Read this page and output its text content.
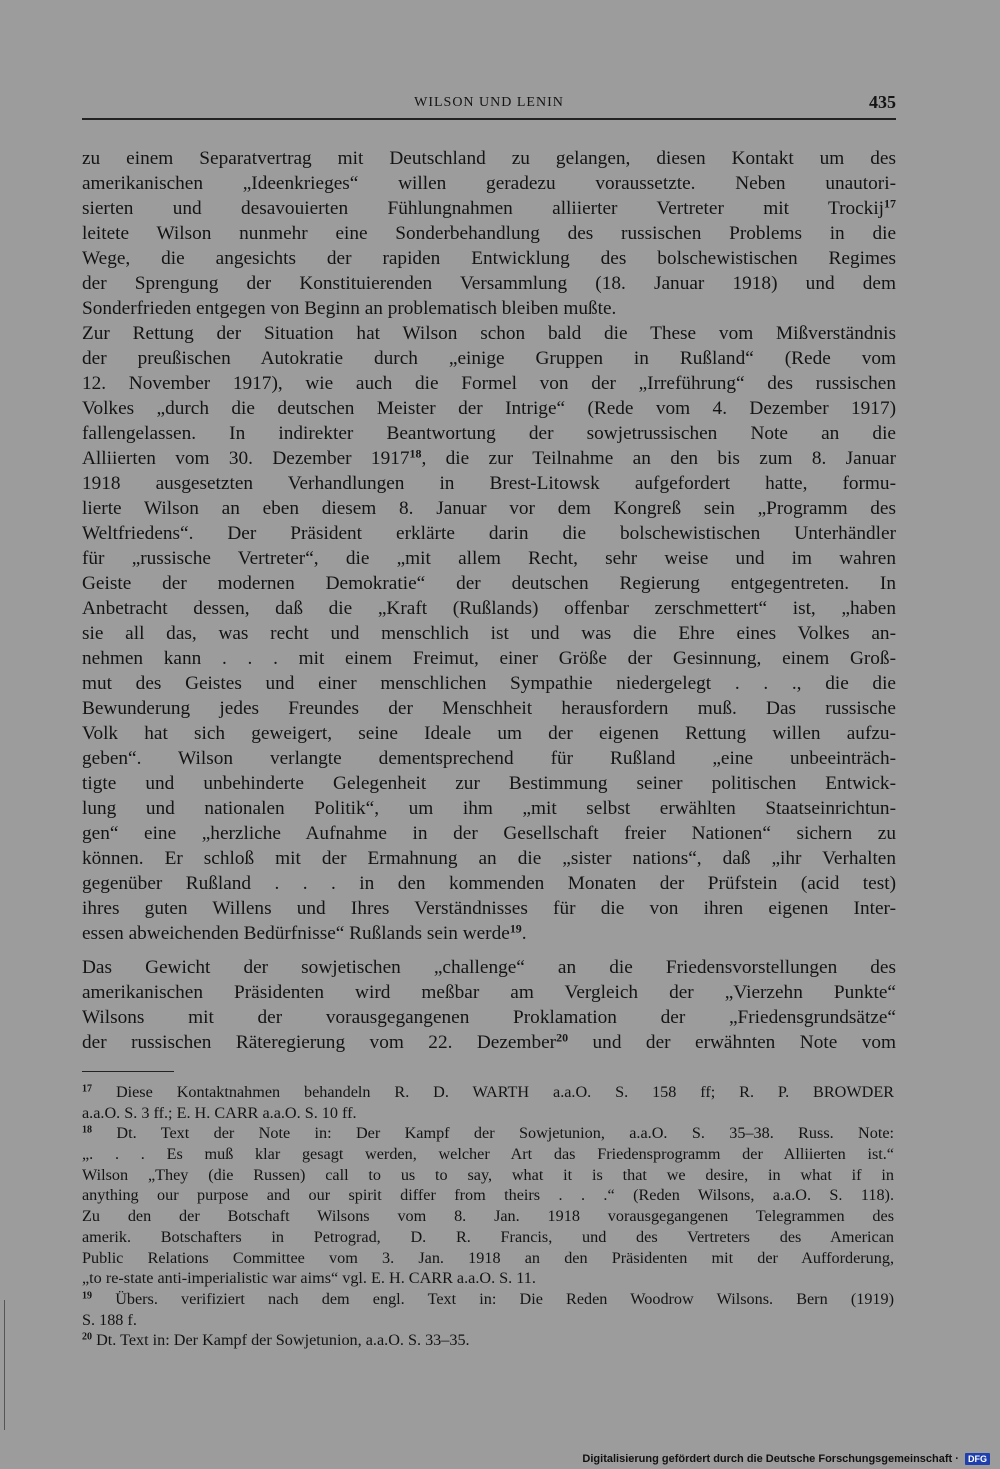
WILSON UND LENIN	435
zu einem Separatvertrag mit Deutschland zu gelangen, diesen Kontakt um des
amerikanischen „Ideenkrieges“ willen geradezu voraussetzte. Neben unautori-
sierten und desavouierten Fühlungnahmen alliierter Vertreter mit Trockij$^{17}$
leitete Wilson nunmehr eine Sonderbehandlung des russischen Problems in die
Wege, die angesichts der rapiden Entwicklung des bolschewistischen Regimes
der Sprengung der Konstituierenden Versammlung (18. Januar 1918) und dem
Sonderfrieden entgegen von Beginn an problematisch bleiben mußte.
Zur Rettung der Situation hat Wilson schon bald die These vom Mißverständnis
der preußischen Autokratie durch „einige Gruppen in Rußland“ (Rede vom
12. November 1917), wie auch die Formel von der „Irreführung“ des russischen
Volkes „durch die deutschen Meister der Intrige“ (Rede vom 4. Dezember 1917)
fallengelassen. In indirekter Beantwortung der sowjetrussischen Note an die
Alliierten vom 30. Dezember 1917$^{18}$, die zur Teilnahme an den bis zum 8. Januar
1918 ausgesetzten Verhandlungen in Brest-Litowsk aufgefordert hatte, formu-
lierte Wilson an eben diesem 8. Januar vor dem Kongreß sein „Programm des
Weltfriedens“. Der Präsident erklärte darin die bolschewistischen Unterhändler
für „russische Vertreter“, die „mit allem Recht, sehr weise und im wahren
Geiste der modernen Demokratie“ der deutschen Regierung entgegentreten. In
Anbetracht dessen, daß die „Kraft (Rußlands) offenbar zerschmettert“ ist, „haben
sie all das, was recht und menschlich ist und was die Ehre eines Volkes an-
nehmen kann . . . mit einem Freimut, einer Größe der Gesinnung, einem Groß-
mut des Geistes und einer menschlichen Sympathie niedergelegt . . ., die die
Bewunderung jedes Freundes der Menschheit herausfordern muß. Das russische
Volk hat sich geweigert, seine Ideale um der eigenen Rettung willen aufzu-
geben“. Wilson verlangte dementsprechend für Rußland „eine unbeeinträch-
tigte und unbehinderte Gelegenheit zur Bestimmung seiner politischen Entwick-
lung und nationalen Politik“, um ihm „mit selbst erwählten Staatseinrichtun-
gen“ eine „herzliche Aufnahme in der Gesellschaft freier Nationen“ sichern zu
können. Er schloß mit der Ermahnung an die „sister nations“, daß „ihr Verhalten
gegenüber Rußland . . . in den kommenden Monaten der Prüfstein (acid test)
ihres guten Willens und Ihres Verständnisses für die von ihren eigenen Inter-
essen abweichenden Bedürfnisse“ Rußlands sein werde$^{19}$.
Das Gewicht der sowjetischen „challenge“ an die Friedensvorstellungen des
amerikanischen Präsidenten wird meßbar am Vergleich der „Vierzehn Punkte“
Wilsons mit der vorausgegangenen Proklamation der „Friedensgrundsätze“
der russischen Räteregierung vom 22. Dezember$^{20}$ und der erwähnten Note vom
$^{17}$ Diese Kontaktnahmen behandeln R. D. WARTH a.a.O. S. 158 ff; R. P. BROWDER
a.a.O. S. 3 ff.; E. H. CARR a.a.O. S. 10 ff.
$^{18}$ Dt. Text der Note in: Der Kampf der Sowjetunion, a.a.O. S. 35–38. Russ. Note:
„. . . Es muß klar gesagt werden, welcher Art das Friedensprogramm der Alliierten ist.“
Wilson „They (die Russen) call to us to say, what it is that we desire, in what if in
anything our purpose and our spirit differ from theirs . . .“ (Reden Wilsons, a.a.O. S. 118).
Zu den der Botschaft Wilsons vom 8. Jan. 1918 vorausgegangenen Telegrammen des
amerik. Botschafters in Petrograd, D. R. Francis, und des Vertreters des American
Public Relations Committee vom 3. Jan. 1918 an den Präsidenten mit der Aufforderung,
„to re-state anti-imperialistic war aims“ vgl. E. H. CARR a.a.O. S. 11.
$^{19}$ Übers. verifiziert nach dem engl. Text in: Die Reden Woodrow Wilsons. Bern (1919)
S. 188 f.
$^{20}$ Dt. Text in: Der Kampf der Sowjetunion, a.a.O. S. 33–35.
Digitalisierung gefördert durch die Deutsche Forschungsgemeinschaft · DFG
